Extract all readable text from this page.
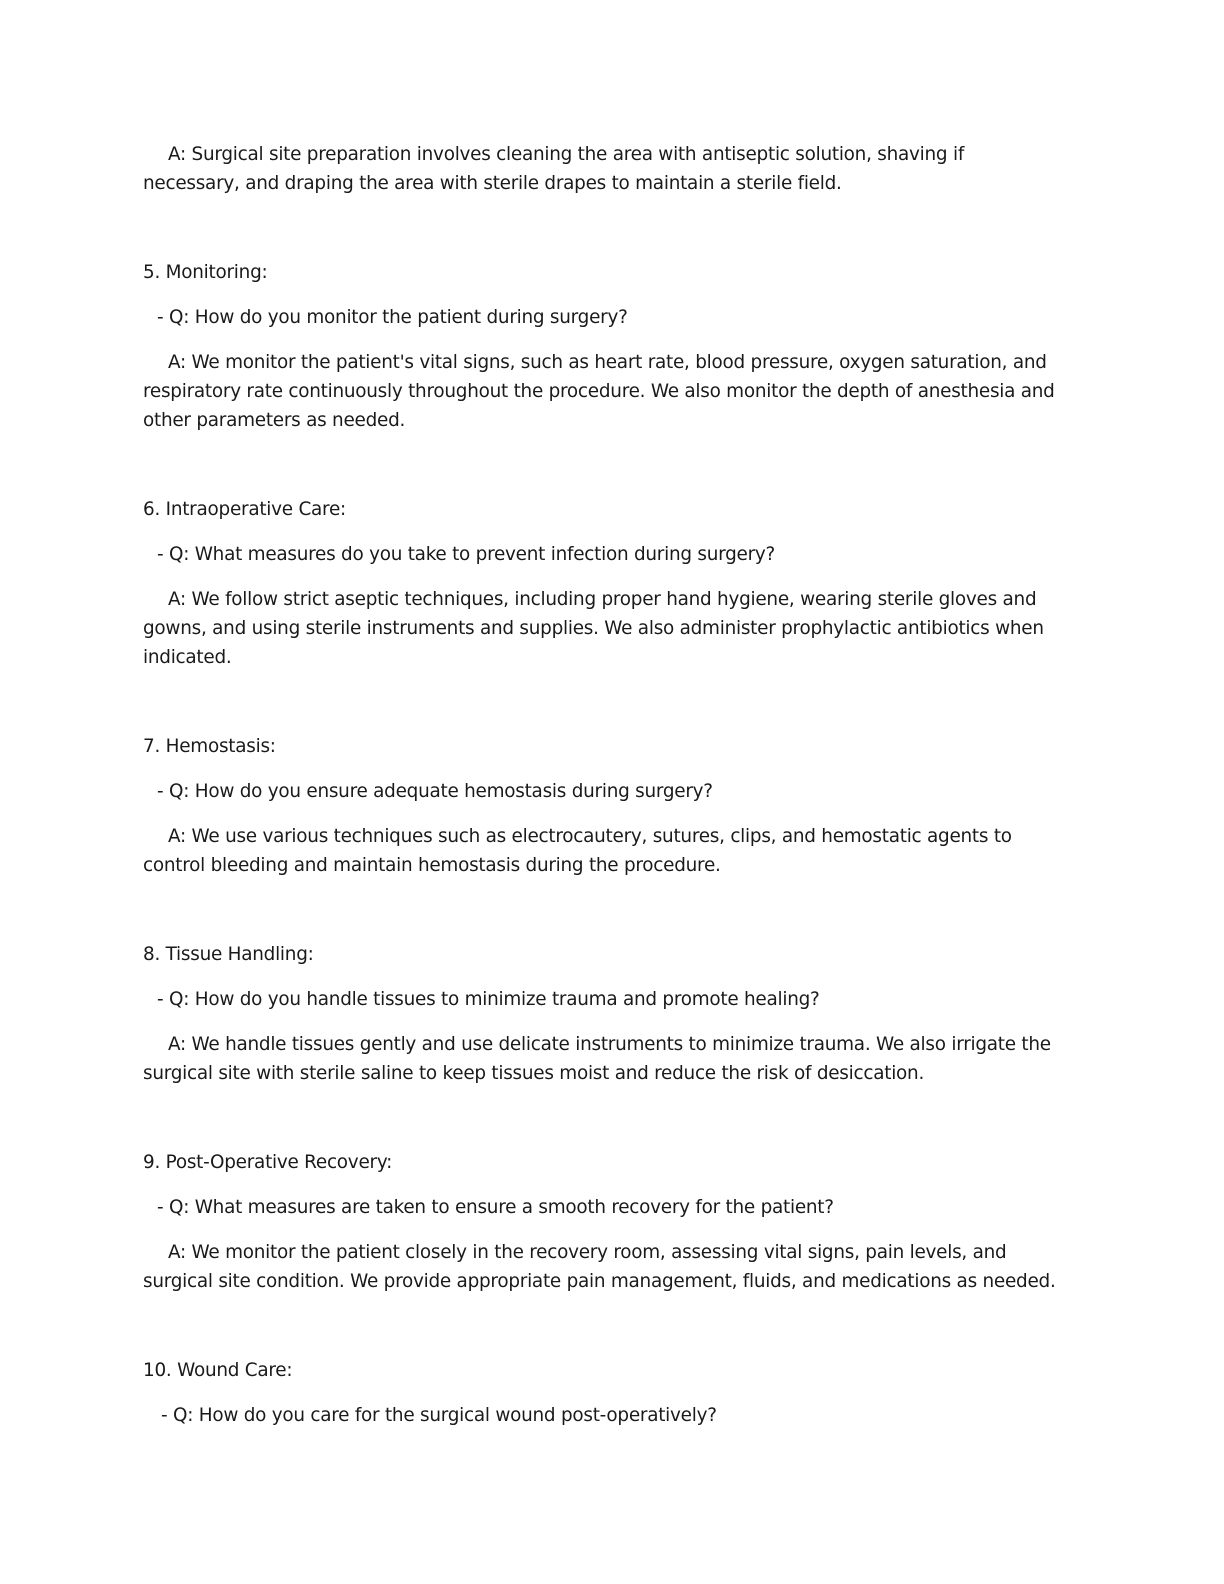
A: Surgical site preparation involves cleaning the area with antiseptic solution, shaving if necessary, and draping the area with sterile drapes to maintain a sterile field.

5. Monitoring:

- Q: How do you monitor the patient during surgery?

A: We monitor the patient's vital signs, such as heart rate, blood pressure, oxygen saturation, and respiratory rate continuously throughout the procedure. We also monitor the depth of anesthesia and other parameters as needed.

6. Intraoperative Care:

- Q: What measures do you take to prevent infection during surgery?

A: We follow strict aseptic techniques, including proper hand hygiene, wearing sterile gloves and gowns, and using sterile instruments and supplies. We also administer prophylactic antibiotics when indicated.

7. Hemostasis:

- Q: How do you ensure adequate hemostasis during surgery?

A: We use various techniques such as electrocautery, sutures, clips, and hemostatic agents to control bleeding and maintain hemostasis during the procedure.

8. Tissue Handling:

- Q: How do you handle tissues to minimize trauma and promote healing?

A: We handle tissues gently and use delicate instruments to minimize trauma. We also irrigate the surgical site with sterile saline to keep tissues moist and reduce the risk of desiccation.

9. Post-Operative Recovery:

- Q: What measures are taken to ensure a smooth recovery for the patient?

A: We monitor the patient closely in the recovery room, assessing vital signs, pain levels, and surgical site condition. We provide appropriate pain management, fluids, and medications as needed.

10. Wound Care:

- Q: How do you care for the surgical wound post-operatively?
